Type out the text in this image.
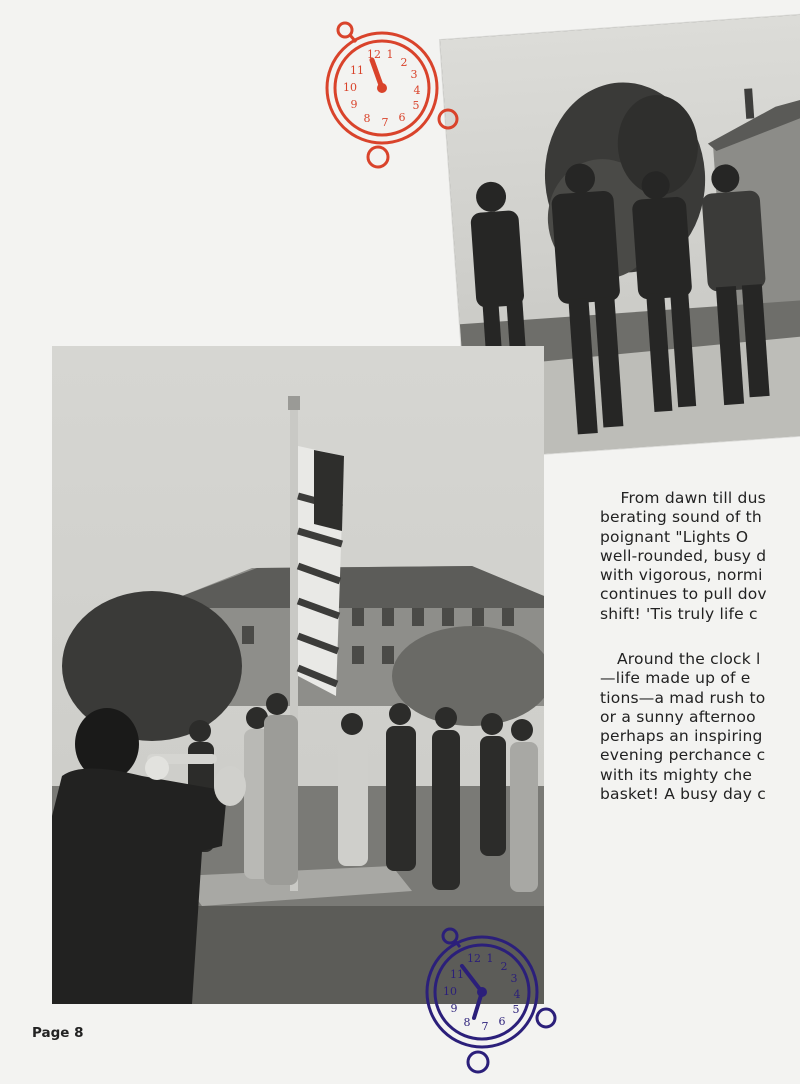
12 1
2
3
4
5
6
7
8
9
10
11
12 1
2
3
4
5
6
7
8
9
10
11
From dawn till dus
berating sound of th
poignant "Lights O
well-rounded, busy d
with vigorous, normi
continues to pull dov
shift! 'Tis truly life c
Around the clock l
—life made up of e
tions—a mad rush to
or a sunny afternoo
perhaps an inspiring
evening perchance c
with its mighty che
basket! A busy day c
Page 8
